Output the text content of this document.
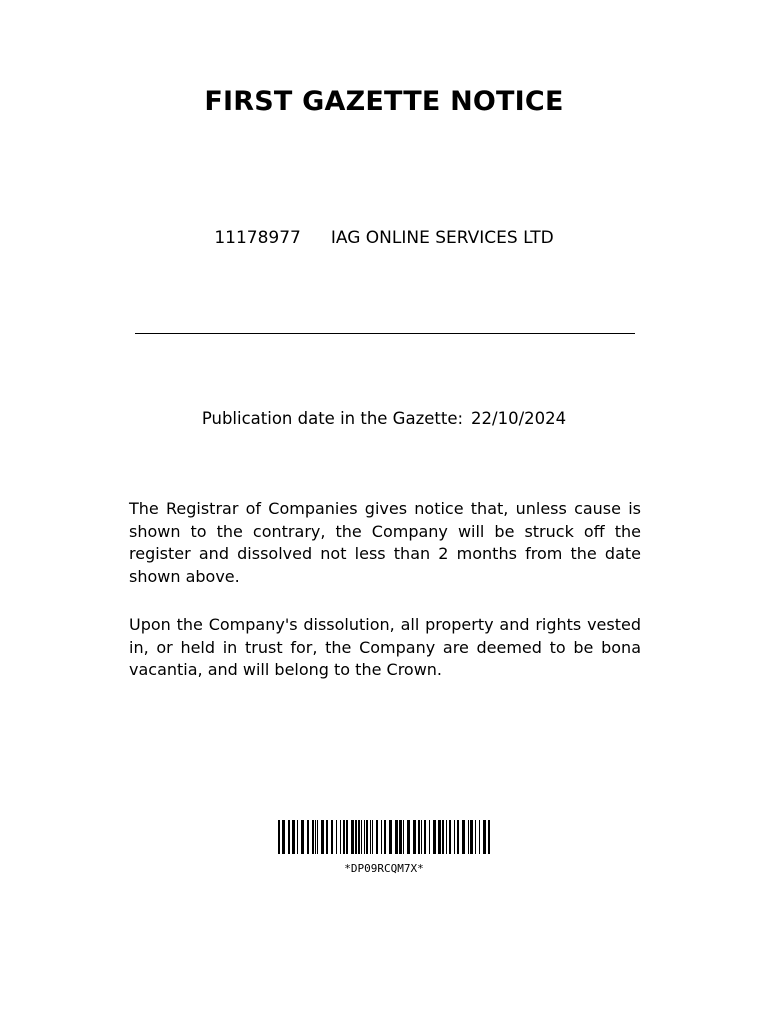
FIRST GAZETTE NOTICE
11178977 IAG ONLINE SERVICES LTD
Publication date in the Gazette: 22/10/2024
The Registrar of Companies gives notice that, unless cause is shown to the contrary, the Company will be struck off the register and dissolved not less than 2 months from the date shown above.
Upon the Company's dissolution, all property and rights vested in, or held in trust for, the Company are deemed to be bona vacantia, and will belong to the Crown.
*DP09RCQM7X*
